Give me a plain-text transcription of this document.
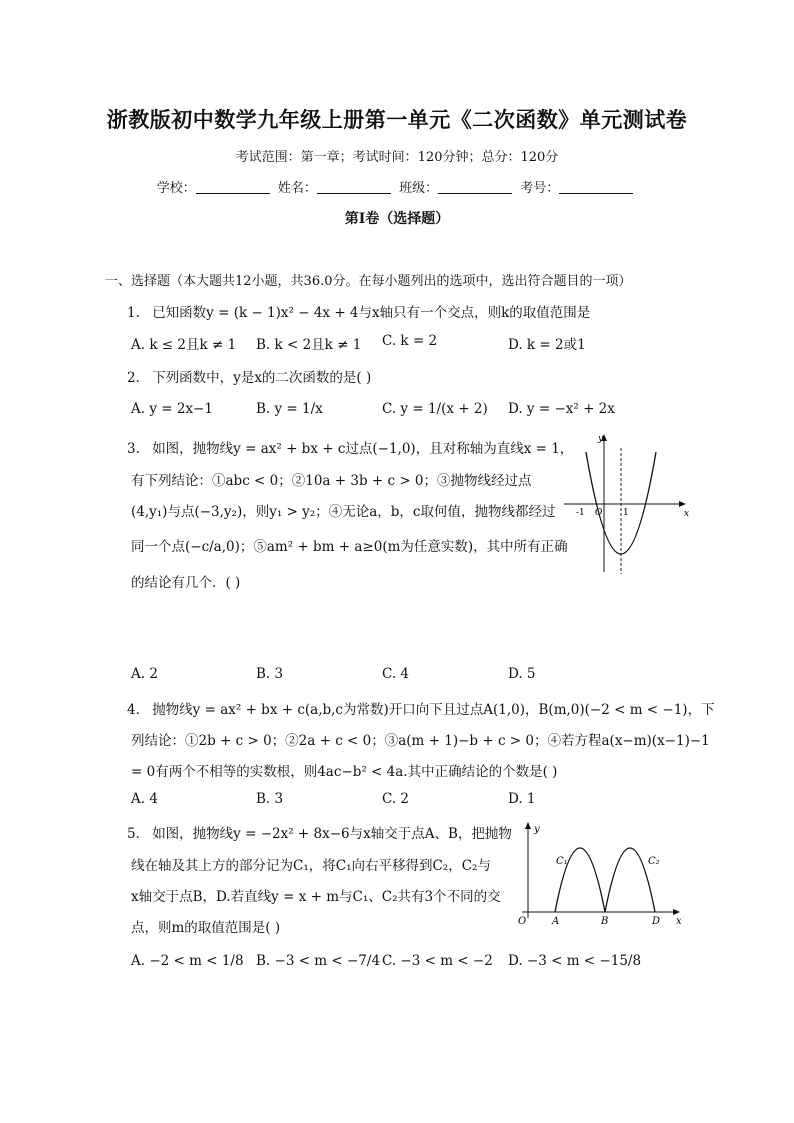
浙教版初中数学九年级上册第一单元《二次函数》单元测试卷
考试范围：第一章；考试时间：120分钟；总分：120分
学校：	姓名：	班级：	考号：
第I卷（选择题）
一、选择题（本大题共12小题，共36.0分。在每小题列出的选项中，选出符合题目的一项）
1. 已知函数y = (k − 1)x² − 4x + 4与x轴只有一个交点，则k的取值范围是
A. k ≤ 2且k ≠ 1 B. k < 2且k ≠ 1 C. k = 2	D. k = 2或1
2. 下列函数中，y是x的二次函数的是( )
A. y = 2x−1	B. y = 1/x	C. y = 1/(x + 2) D. y = −x² + 2x
3. 如图，抛物线y = ax² + bx + c过点(−1,0)，且对称轴为直线x = 1，
有下列结论：①abc < 0；②10a + 3b + c > 0；③抛物线经过点
(4,y₁)与点(−3,y₂)，则y₁ > y₂；④无论a，b，c取何值，抛物线都经过
同一个点(−c/a,0)；⑤am² + bm + a≥0(m为任意实数)，其中所有正确
的结论有几个．( )
y
x
-1 O 1
A. 2	B. 3	C. 4	D. 5
4. 抛物线y = ax² + bx + c(a,b,c为常数)开口向下且过点A(1,0)，B(m,0)(−2 < m < −1)，下
列结论：①2b + c > 0；②2a + c < 0；③a(m + 1)−b + c > 0；④若方程a(x−m)(x−1)−1
= 0有两个不相等的实数根，则4ac−b² < 4a.其中正确结论的个数是( )
A. 4	B. 3	C. 2	D. 1
5. 如图，抛物线y = −2x² + 8x−6与x轴交于点A、B，把抛物
线在轴及其上方的部分记为C₁，将C₁向右平移得到C₂，C₂与
x轴交于点B，D.若直线y = x + m与C₁、C₂共有3个不同的交
点，则m的取值范围是( )
y
C₁	C₂
O	A	B	D x
A. −2 < m < 1/8 B. −3 < m < −7/4 C. −3 < m < −2 D. −3 < m < −15/8
